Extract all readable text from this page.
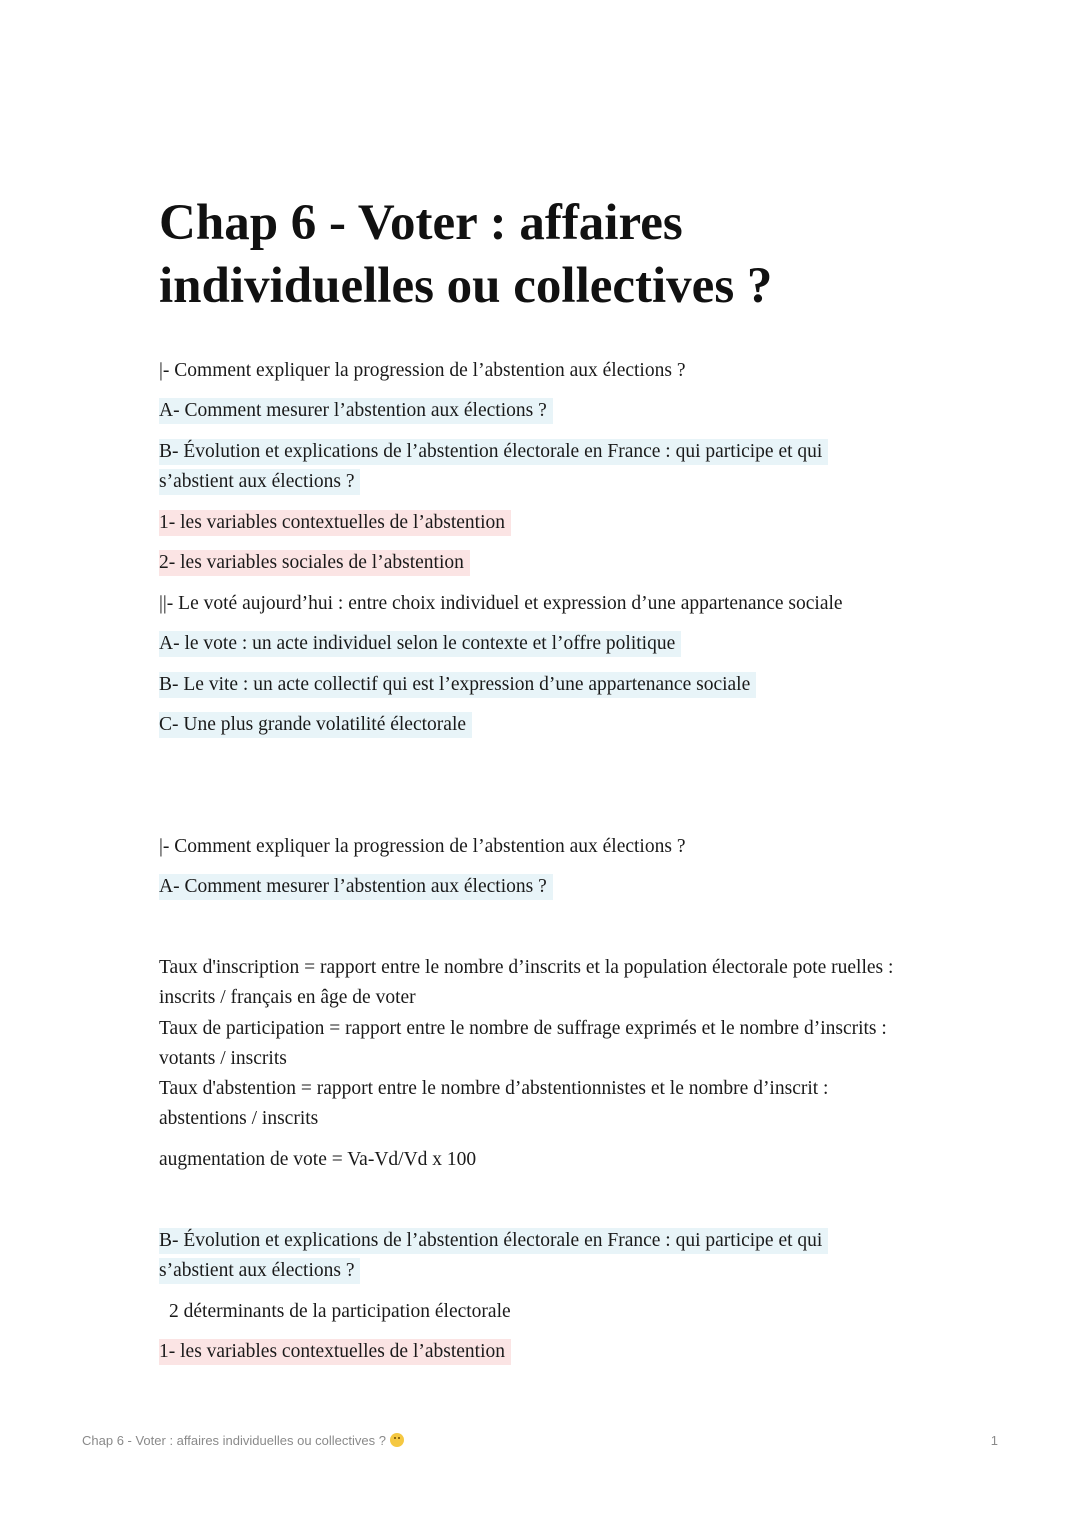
Chap 6 - Voter : affaires
individuelles ou collectives ?

|- Comment expliquer la progression de l’abstention aux élections ?

A- Comment mesurer l’abstention aux élections ?

B- Évolution et explications de l’abstention électorale en France : qui participe et qui

s’abstient aux élections ?

1- les variables contextuelles de l’abstention

2- les variables sociales de l’abstention

||- Le voté aujourd’hui : entre choix individuel et expression d’une appartenance sociale

A- le vote : un acte individuel selon le contexte et l’offre politique

B- Le vite : un acte collectif qui est l’expression d’une appartenance sociale

C- Une plus grande volatilité électorale

|- Comment expliquer la progression de l’abstention aux élections ?

A- Comment mesurer l’abstention aux élections ?

Taux d'inscription = rapport entre le nombre d’inscrits et la population électorale pote ruelles :

inscrits / français en âge de voter

Taux de participation = rapport entre le nombre de suffrage exprimés et le nombre d’inscrits :

votants / inscrits

Taux d'abstention = rapport entre le nombre d’abstentionnistes et le nombre d’inscrit :

abstentions / inscrits

augmentation de vote = Va-Vd/Vd x 100

B- Évolution et explications de l’abstention électorale en France : qui participe et qui

s’abstient aux élections ?

2 déterminants de la participation électorale

1- les variables contextuelles de l’abstention

Chap 6 - Voter : affaires individuelles ou collectives ?	1
